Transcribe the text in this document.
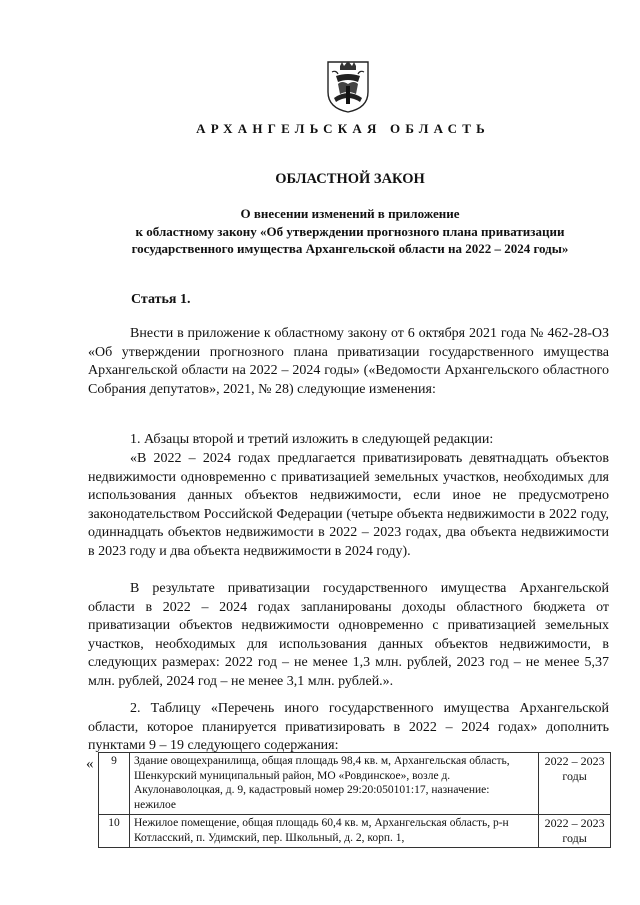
АРХАНГЕЛЬСКАЯ ОБЛАСТЬ
ОБЛАСТНОЙ ЗАКОН
О внесении изменений в приложение
к областному закону «Об утверждении прогнозного плана приватизации
государственного имущества Архангельской области на 2022 – 2024 годы»
Статья 1.
Внести в приложение к областному закону от 6 октября 2021 года № 462-28-ОЗ «Об утверждении прогнозного плана приватизации государственного имущества Архангельской области на 2022 – 2024 годы» («Ведомости Архангельского областного Собрания депутатов», 2021, № 28) следующие изменения:
1. Абзацы второй и третий изложить в следующей редакции:
«В 2022 – 2024 годах предлагается приватизировать девятнадцать объектов недвижимости одновременно с приватизацией земельных участков, необходимых для использования данных объектов недвижимости, если иное не предусмотрено законодательством Российской Федерации (четыре объекта недвижимости в 2022 году, одиннадцать объектов недвижимости в 2022 – 2023 годах, два объекта недвижимости в 2023 году и два объекта недвижимости в 2024 году).
В результате приватизации государственного имущества Архангельской области в 2022 – 2024 годах запланированы доходы областного бюджета от приватизации объектов недвижимости одновременно с приватизацией земельных участков, необходимых для использования данных объектов недвижимости, в следующих размерах: 2022 год – не менее 1,3 млн. рублей, 2023 год – не менее 5,37 млн. рублей, 2024 год – не менее 3,1 млн. рублей.».
2. Таблицу «Перечень иного государственного имущества Архангельской области, которое планируется приватизировать в 2022 – 2024 годах» дополнить пунктами 9 – 19 следующего содержания:
« 9	Здание овощехранилища, общая площадь 98,4 кв. м, Архангельская область, Шенкурский муниципальный район, МО «Ровдинское», возле д. Акулонаволоцкая, д. 9, кадастровый номер 29:20:050101:17, назначение: нежилое	2022 – 2023 годы
10	Нежилое помещение, общая площадь 60,4 кв. м, Архангельская область, р-н Котласский, п. Удимский, пер. Школьный, д. 2, корп. 1,	2022 – 2023 годы
